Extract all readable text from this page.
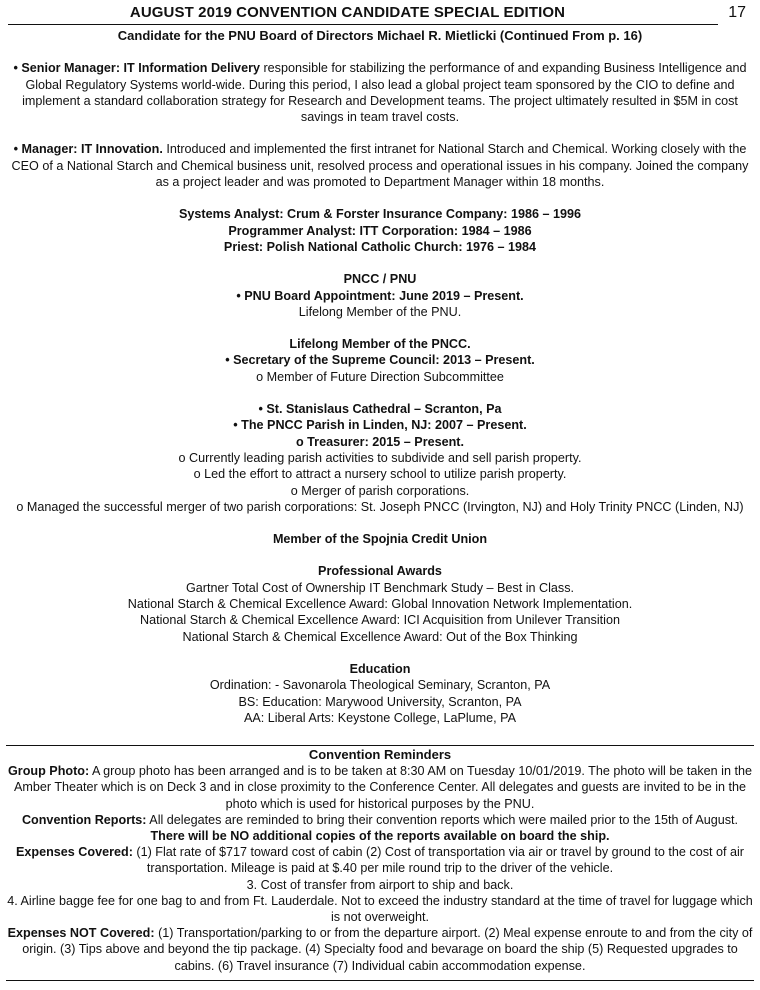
AUGUST 2019 CONVENTION CANDIDATE SPECIAL EDITION	17
Candidate for the PNU Board of Directors Michael R. Mietlicki (Continued From p. 16)

• Senior Manager: IT Information Delivery responsible for stabilizing the performance of and expanding Business Intelligence and Global Regulatory Systems world-wide. During this period, I also lead a global project team sponsored by the CIO to define and implement a standard collaboration strategy for Research and Development teams. The project ultimately resulted in $5M in cost savings in team travel costs.

• Manager: IT Innovation. Introduced and implemented the first intranet for National Starch and Chemical. Working closely with the CEO of a National Starch and Chemical business unit, resolved process and operational issues in his company. Joined the company as a project leader and was promoted to Department Manager within 18 months.

Systems Analyst: Crum & Forster Insurance Company: 1986 – 1996
Programmer Analyst: ITT Corporation: 1984 – 1986
Priest: Polish National Catholic Church: 1976 – 1984
PNCC / PNU
• PNU Board Appointment: June 2019 – Present.
Lifelong Member of the PNU.
Lifelong Member of the PNCC.
• Secretary of the Supreme Council: 2013 – Present.
o Member of Future Direction Subcommittee
• St. Stanislaus Cathedral – Scranton, Pa
• The PNCC Parish in Linden, NJ: 2007 – Present.
o Treasurer: 2015 – Present.
o Currently leading parish activities to subdivide and sell parish property.
o Led the effort to attract a nursery school to utilize parish property.
o Merger of parish corporations.
o Managed the successful merger of two parish corporations: St. Joseph PNCC (Irvington, NJ) and Holy Trinity PNCC (Linden, NJ)
Member of the Spojnia Credit Union
Professional Awards
Gartner Total Cost of Ownership IT Benchmark Study – Best in Class.
National Starch & Chemical Excellence Award: Global Innovation Network Implementation.
National Starch & Chemical Excellence Award: ICI Acquisition from Unilever Transition
National Starch & Chemical Excellence Award: Out of the Box Thinking
Education
Ordination: - Savonarola Theological Seminary, Scranton, PA
BS: Education: Marywood University, Scranton, PA
AA: Liberal Arts: Keystone College, LaPlume, PA
Convention Reminders

Group Photo: A group photo has been arranged and is to be taken at 8:30 AM on Tuesday 10/01/2019. The photo will be taken in the Amber Theater which is on Deck 3 and in close proximity to the Conference Center. All delegates and guests are invited to be in the photo which is used for historical purposes by the PNU.

Convention Reports: All delegates are reminded to bring their convention reports which were mailed prior to the 15th of August. There will be NO additional copies of the reports available on board the ship.

Expenses Covered: (1) Flat rate of $717 toward cost of cabin (2) Cost of transportation via air or travel by ground to the cost of air transportation. Mileage is paid at $.40 per mile round trip to the driver of the vehicle.

3. Cost of transfer from airport to ship and back.

4. Airline bagge fee for one bag to and from Ft. Lauderdale. Not to exceed the industry standard at the time of travel for luggage which is not overweight.

Expenses NOT Covered: (1) Transportation/parking to or from the departure airport. (2) Meal expense enroute to and from the city of origin. (3) Tips above and beyond the tip package. (4) Specialty food and bevarage on board the ship (5) Requested upgrades to cabins. (6) Travel insurance (7) Individual cabin accommodation expense.
